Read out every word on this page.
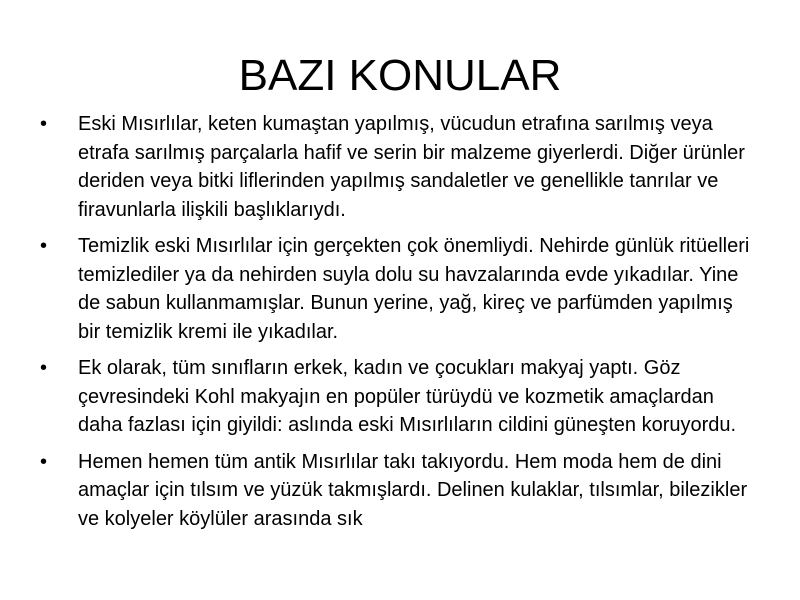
BAZI KONULAR
•	Eski Mısırlılar, keten kumaştan yapılmış, vücudun etrafına sarılmış veya etrafa sarılmış parçalarla hafif ve serin bir malzeme giyerlerdi. Diğer ürünler deriden veya bitki liflerinden yapılmış sandaletler ve genellikle tanrılar ve firavunlarla ilişkili başlıklarıydı.
•	Temizlik eski Mısırlılar için gerçekten çok önemliydi. Nehirde günlük ritüelleri temizlediler ya da nehirden suyla dolu su havzalarında evde yıkadılar. Yine de sabun kullanmamışlar. Bunun yerine, yağ, kireç ve parfümden yapılmış bir temizlik kremi ile yıkadılar.
•	Ek olarak, tüm sınıfların erkek, kadın ve çocukları makyaj yaptı. Göz çevresindeki Kohl makyajın en popüler türüydü ve kozmetik amaçlardan daha fazlası için giyildi: aslında eski Mısırlıların cildini güneşten koruyordu.
•	Hemen hemen tüm antik Mısırlılar takı takıyordu. Hem moda hem de dini amaçlar için tılsım ve yüzük takmışlardı. Delinen kulaklar, tılsımlar, bilezikler ve kolyeler köylüler arasında sık
